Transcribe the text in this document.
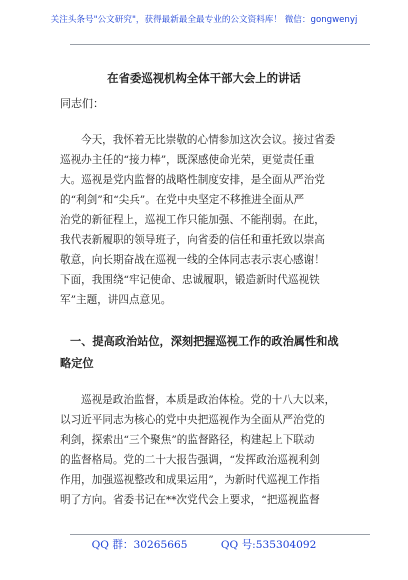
关注头条号"公文研究"，获得最新最全最专业的公文资料库！ 微信：gongwenyj
在省委巡视机构全体干部大会上的讲话
同志们：
今天，我怀着无比崇敬的心情参加这次会议。接过省委
巡视办主任的“接力棒”，既深感使命光荣，更觉责任重
大。巡视是党内监督的战略性制度安排，是全面从严治党
的“利剑”和“尖兵”。在党中央坚定不移推进全面从严
治党的新征程上，巡视工作只能加强、不能削弱。在此，
我代表新履职的领导班子，向省委的信任和重托致以崇高
敬意，向长期奋战在巡视一线的全体同志表示衷心感谢！
下面，我围绕“牢记使命、忠诚履职，锻造新时代巡视铁
军”主题，讲四点意见。
一、提高政治站位，深刻把握巡视工作的政治属性和战
略定位
巡视是政治监督，本质是政治体检。党的十八大以来，
以习近平同志为核心的党中央把巡视作为全面从严治党的
利剑，探索出“三个聚焦”的监督路径，构建起上下联动
的监督格局。党的二十大报告强调，“发挥政治巡视利剑
作用，加强巡视整改和成果运用”，为新时代巡视工作指
明了方向。省委书记在**次党代会上要求，“把巡视监督
QQ 群：30265665	QQ 号:535304092
